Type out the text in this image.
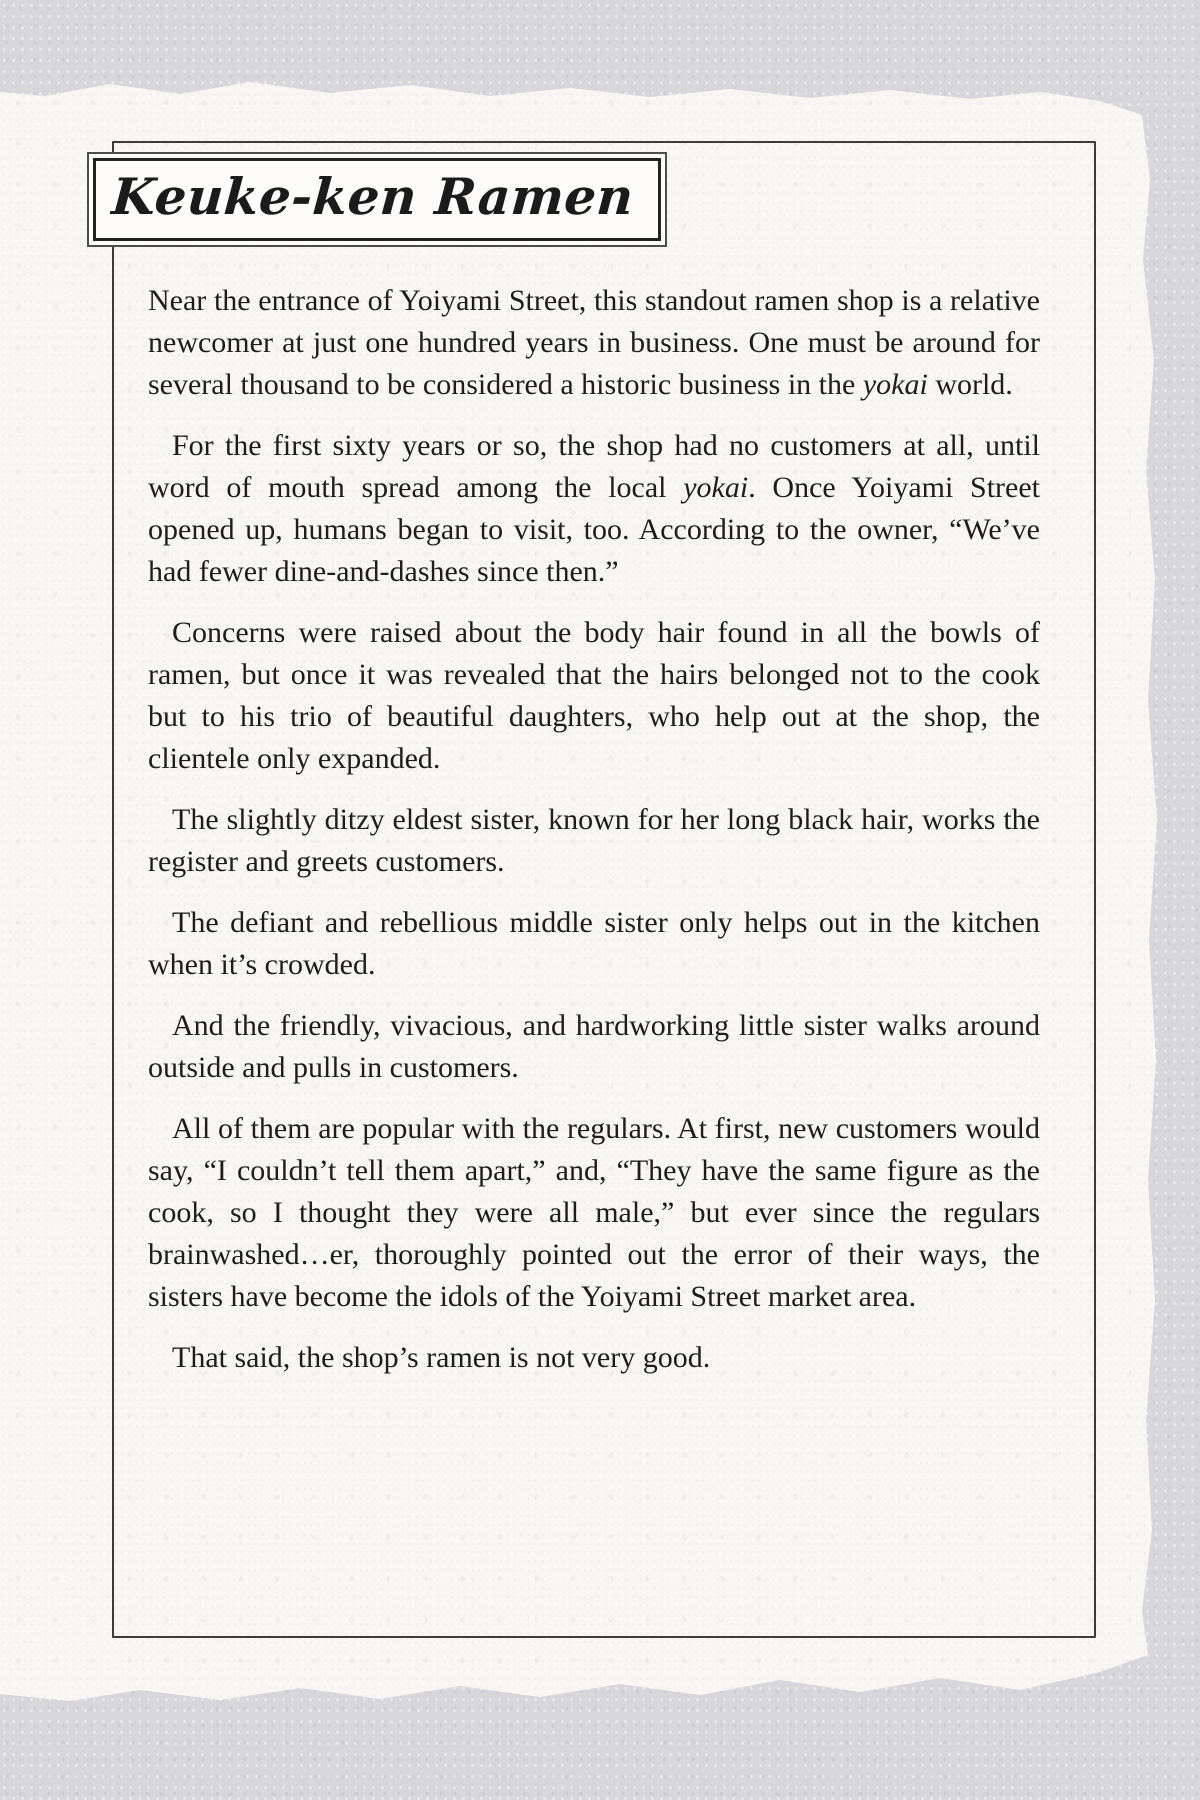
Keuke-ken Ramen

Near the entrance of Yoiyami Street, this standout ramen shop is a relative newcomer at just one hundred years in business. One must be around for several thousand to be considered a historic business in the yokai world.

For the first sixty years or so, the shop had no customers at all, until word of mouth spread among the local yokai. Once Yoiyami Street opened up, humans began to visit, too. According to the owner, “We’ve had fewer dine-and-dashes since then.”

Concerns were raised about the body hair found in all the bowls of ramen, but once it was revealed that the hairs belonged not to the cook but to his trio of beautiful daughters, who help out at the shop, the clientele only expanded.

The slightly ditzy eldest sister, known for her long black hair, works the register and greets customers.

The defiant and rebellious middle sister only helps out in the kitchen when it’s crowded.

And the friendly, vivacious, and hardworking little sister walks around outside and pulls in customers.

All of them are popular with the regulars. At first, new customers would say, “I couldn’t tell them apart,” and, “They have the same figure as the cook, so I thought they were all male,” but ever since the regulars brainwashed…er, thoroughly pointed out the error of their ways, the sisters have become the idols of the Yoiyami Street market area.

That said, the shop’s ramen is not very good.
